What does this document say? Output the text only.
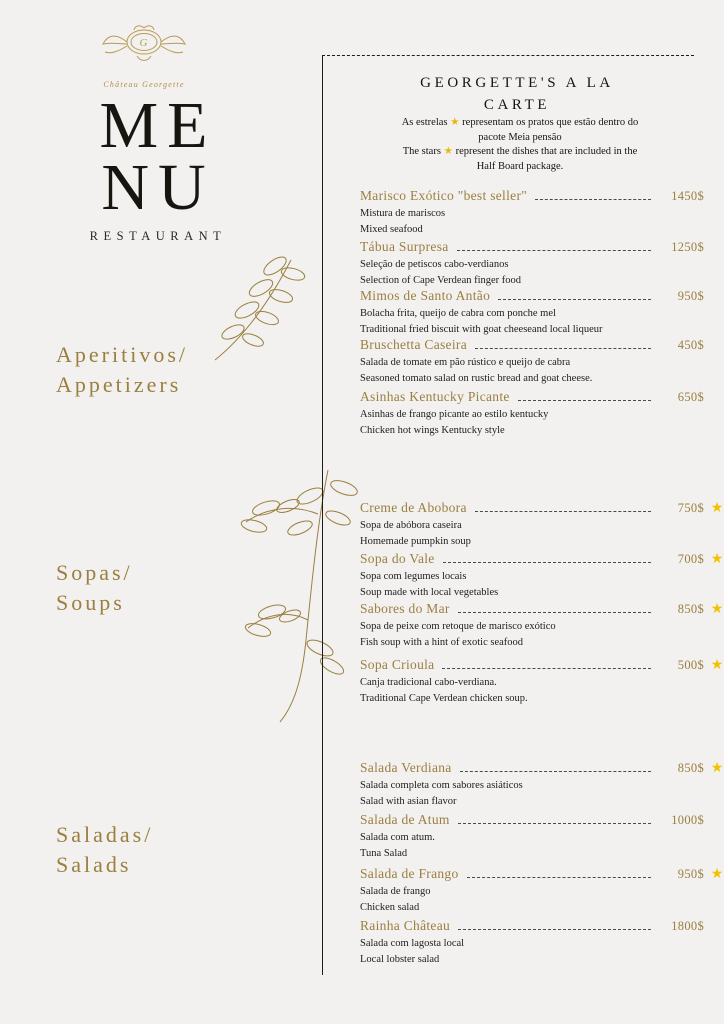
G
Château Georgette
ME
NU
RESTAURANT
Aperitivos/
Appetizers
Sopas/
Soups
Saladas/
Salads
GEORGETTE'S A LA
CARTE
As estrelas ★ representam os pratos que estão dentro do
pacote Meia pensão
The stars ★ represent the dishes that are included in the
Half Board package.
Marisco Exótico "best seller"	1450$
Mistura de mariscos
Mixed seafood
Tábua Surpresa	1250$
Seleção de petiscos cabo-verdianos
Selection of Cape Verdean finger food
Mimos de Santo Antão	950$
Bolacha frita, queijo de cabra com ponche mel
Traditional fried biscuit with goat cheeseand local liqueur
Bruschetta Caseira	450$
Salada de tomate em pão rústico e queijo de cabra
Seasoned tomato salad on rustic bread and goat cheese.
Asinhas Kentucky Picante	650$
Asinhas de frango picante ao estilo kentucky
Chicken hot wings Kentucky style
Creme de Abobora	750$ ★
Sopa de abóbora caseira
Homemade pumpkin soup
Sopa do Vale	700$ ★
Sopa com legumes locais
Soup made with local vegetables
Sabores do Mar	850$ ★
Sopa de peixe com retoque de marisco exótico
Fish soup with a hint of exotic seafood
Sopa Crioula	500$ ★
Canja tradicional cabo-verdiana.
Traditional Cape Verdean chicken soup.
Salada Verdiana	850$ ★
Salada completa com sabores asiáticos
Salad with asian flavor
Salada de Atum	1000$
Salada com atum.
Tuna Salad
Salada de Frango	950$ ★
Salada de frango
Chicken salad
Rainha Château	1800$
Salada com lagosta local
Local lobster salad
